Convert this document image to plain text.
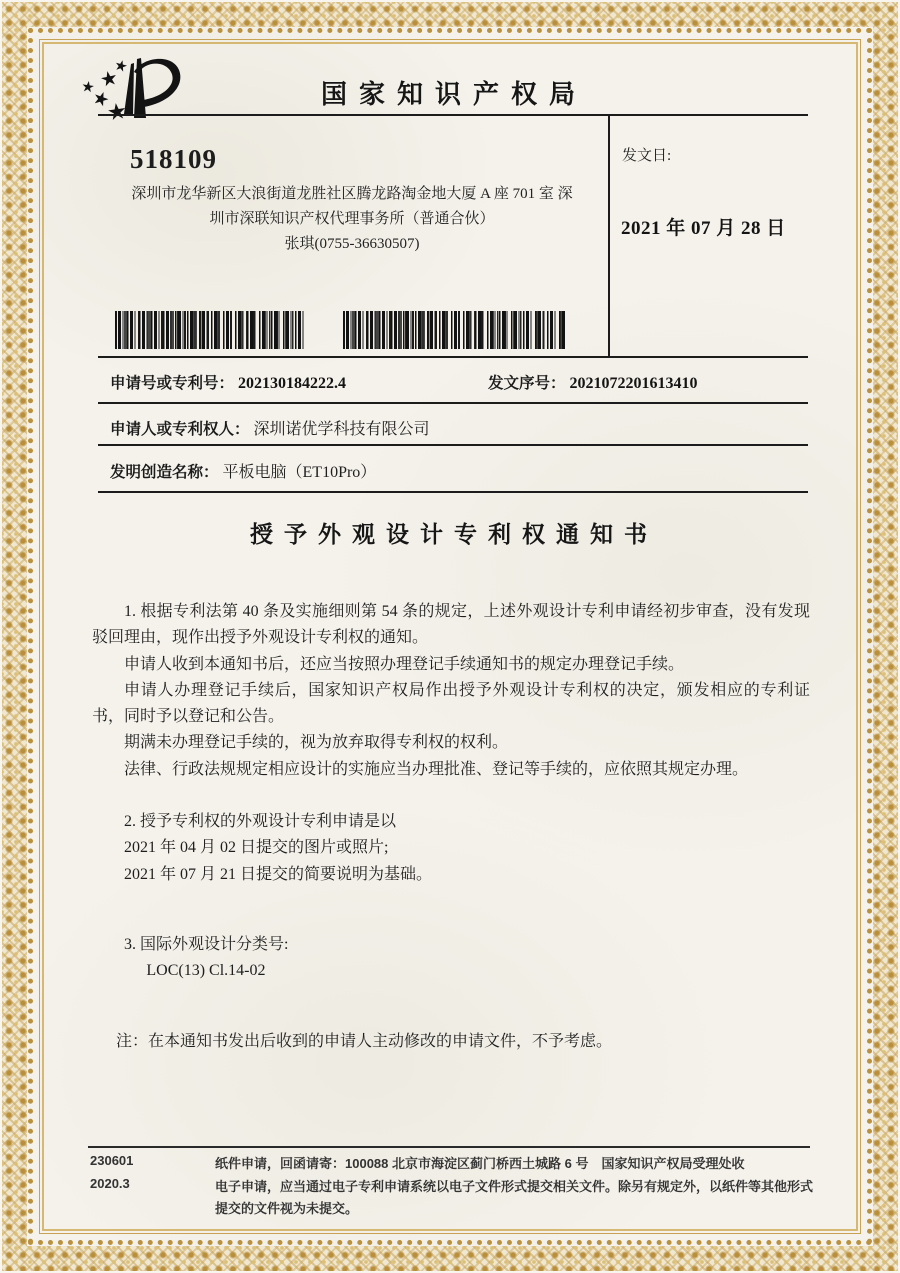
国家知识产权局
518109
深圳市龙华新区大浪街道龙胜社区腾龙路淘金地大厦 A 座 701 室 深
圳市深联知识产权代理事务所（普通合伙）
张琪(0755-36630507)
发文日:
2021 年 07 月 28 日
申请号或专利号： 202130184222.4	发文序号： 2021072201613410
申请人或专利权人： 深圳诺优学科技有限公司
发明创造名称： 平板电脑（ET10Pro）
授予外观设计专利权通知书

1. 根据专利法第 40 条及实施细则第 54 条的规定，上述外观设计专利申请经初步审查，没有发现驳回理由，现作出授予外观设计专利权的通知。

申请人收到本通知书后，还应当按照办理登记手续通知书的规定办理登记手续。

申请人办理登记手续后，国家知识产权局作出授予外观设计专利权的决定，颁发相应的专利证书，同时予以登记和公告。

期满未办理登记手续的，视为放弃取得专利权的权利。

法律、行政法规规定相应设计的实施应当办理批准、登记等手续的，应依照其规定办理。

2. 授予专利权的外观设计专利申请是以

2021 年 04 月 02 日提交的图片或照片;

2021 年 07 月 21 日提交的简要说明为基础。

3. 国际外观设计分类号:

LOC(13) Cl.14-02

注：在本通知书发出后收到的申请人主动修改的申请文件，不予考虑。

230601
2020.3
纸件申请，回函请寄：100088 北京市海淀区蓟门桥西土城路 6 号　国家知识产权局受理处收
电子申请，应当通过电子专利申请系统以电子文件形式提交相关文件。除另有规定外，以纸件等其他形式提交的文件视为未提交。
